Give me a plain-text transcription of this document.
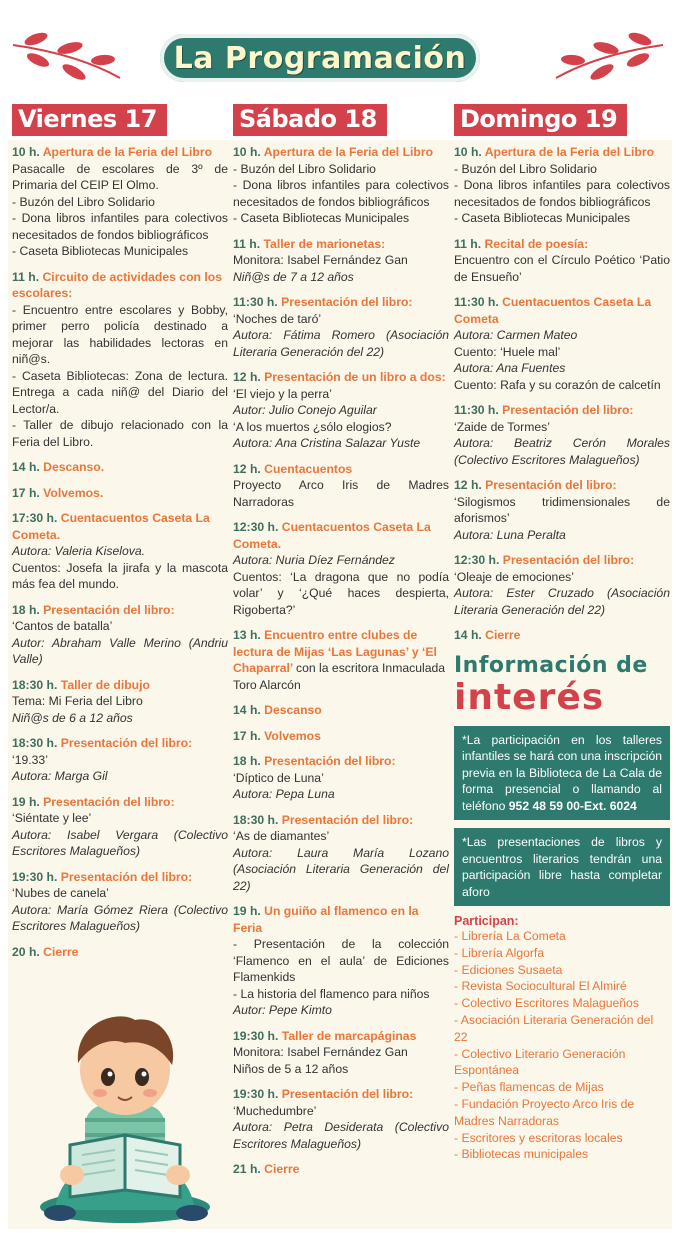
La Programación
Viernes 17

10 h. Apertura de la Feria del Libro

Pasacalle de escolares de 3º de Primaria del CEIP El Olmo.

- Buzón del Libro Solidario

- Dona libros infantiles para colectivos necesitados de fondos bibliográficos

- Caseta Bibliotecas Municipales

11 h. Circuito de actividades con los escolares:

- Encuentro entre escolares y Bobby, primer perro policía destinado a mejorar las habilidades lectoras en niñ@s.

- Caseta Bibliotecas: Zona de lectura. Entrega a cada niñ@ del Diario del Lector/a.

- Taller de dibujo relacionado con la Feria del Libro.

14 h. Descanso.

17 h. Volvemos.

17:30 h. Cuentacuentos Caseta La Cometa.

Autora: Valeria Kiselova.

Cuentos: Josefa la jirafa y la mascota más fea del mundo.

18 h. Presentación del libro:

‘Cantos de batalla’

Autor: Abraham Valle Merino (Andriu Valle)

18:30 h. Taller de dibujo

Tema: Mi Feria del Libro

Niñ@s de 6 a 12 años

18:30 h. Presentación del libro:

‘19.33’

Autora: Marga Gil

19 h. Presentación del libro:

‘Siéntate y lee’

Autora: Isabel Vergara (Colectivo Escritores Malagueños)

19:30 h. Presentación del libro:

‘Nubes de canela’

Autora: María Gómez Riera (Colectivo Escritores Malagueños)

20 h. Cierre

Sábado 18

10 h. Apertura de la Feria del Libro

- Buzón del Libro Solidario

- Dona libros infantiles para colectivos necesitados de fondos bibliográficos

- Caseta Bibliotecas Municipales

11 h. Taller de marionetas:

Monitora: Isabel Fernández Gan

Niñ@s de 7 a 12 años

11:30 h. Presentación del libro:

‘Noches de taró’

Autora: Fátima Romero (Asociación Literaria Generación del 22)

12 h. Presentación de un libro a dos:

‘El viejo y la perra’

Autor: Julio Conejo Aguilar

‘A los muertos ¿sólo elogios?

Autora: Ana Cristina Salazar Yuste

12 h. Cuentacuentos

Proyecto Arco Iris de Madres Narradoras

12:30 h. Cuentacuentos Caseta La Cometa.

Autora: Nuria Díez Fernández

Cuentos: ‘La dragona que no podía volar’ y ‘¿Qué haces despierta, Rigoberta?’

13 h. Encuentro entre clubes de lectura de Mijas ‘Las Lagunas’ y ‘El Chaparral’ con la escritora Inmaculada Toro Alarcón

14 h. Descanso

17 h. Volvemos

18 h. Presentación del libro:

‘Díptico de Luna’

Autora: Pepa Luna

18:30 h. Presentación del libro:

‘As de diamantes’

Autora: Laura María Lozano (Asociación Literaria Generación del 22)

19 h. Un guiño al flamenco en la Feria

- Presentación de la colección ‘Flamenco en el aula’ de Ediciones Flamenkids

- La historia del flamenco para niños

Autor: Pepe Kimto

19:30 h. Taller de marcapáginas

Monitora: Isabel Fernández Gan

Niños de 5 a 12 años

19:30 h. Presentación del libro:

‘Muchedumbre’

Autora: Petra Desiderata (Colectivo Escritores Malagueños)

21 h. Cierre

Domingo 19

10 h. Apertura de la Feria del Libro

- Buzón del Libro Solidario

- Dona libros infantiles para colectivos necesitados de fondos bibliográficos

- Caseta Bibliotecas Municipales

11 h. Recital de poesía:

Encuentro con el Círculo Poético ‘Patio de Ensueño’

11:30 h. Cuentacuentos Caseta La Cometa

Autora: Carmen Mateo

Cuento: ‘Huele mal’

Autora: Ana Fuentes

Cuento: Rafa y su corazón de calcetín

11:30 h. Presentación del libro:

‘Zaide de Tormes’

Autora: Beatriz Cerón Morales (Colectivo Escritores Malagueños)

12 h. Presentación del libro:

‘Silogismos tridimensionales de aforismos’

Autora: Luna Peralta

12:30 h. Presentación del libro:

‘Oleaje de emociones’

Autora: Ester Cruzado (Asociación Literaria Generación del 22)

14 h. Cierre

Información de
interés
*La participación en los talleres infantiles se hará con una inscripción previa en la Biblioteca de La Cala de forma presencial o llamando al teléfono 952 48 59 00-Ext. 6024
*Las presentaciones de libros y encuentros literarios tendrán una participación libre hasta completar aforo
Participan:
- Librería La Cometa
- Librería Algorfa
- Ediciones Susaeta
- Revista Sociocultural El Almiré
- Colectivo Escritores Malagueños
- Asociación Literaria Generación del 22
- Colectivo Literario Generación Espontánea
- Peñas flamencas de Mijas
- Fundación Proyecto Arco Iris de Madres Narradoras
- Escritores y escritoras locales
- Bibliotecas municipales
